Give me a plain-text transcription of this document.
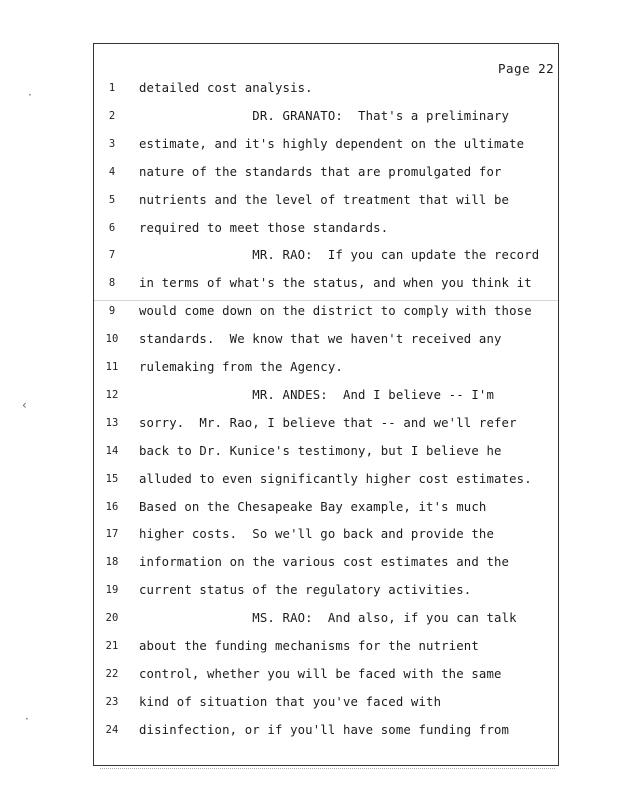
Page 22
1	detailed cost analysis.
2	DR. GRANATO:  That's a preliminary
3	estimate, and it's highly dependent on the ultimate
4	nature of the standards that are promulgated for
5	nutrients and the level of treatment that will be
6	required to meet those standards.
7	MR. RAO:  If you can update the record
8	in terms of what's the status, and when you think it
9	would come down on the district to comply with those
10 standards.  We know that we haven't received any
11 rulemaking from the Agency.
12 MR. ANDES:  And I believe -- I'm
13 sorry.  Mr. Rao, I believe that -- and we'll refer
14 back to Dr. Kunice's testimony, but I believe he
15 alluded to even significantly higher cost estimates.
16 Based on the Chesapeake Bay example, it's much
17 higher costs.  So we'll go back and provide the
18 information on the various cost estimates and the
19 current status of the regulatory activities.
20 MS. RAO:  And also, if you can talk
21 about the funding mechanisms for the nutrient
22 control, whether you will be faced with the same
23 kind of situation that you've faced with
24 disinfection, or if you'll have some funding from
·
‹
·
